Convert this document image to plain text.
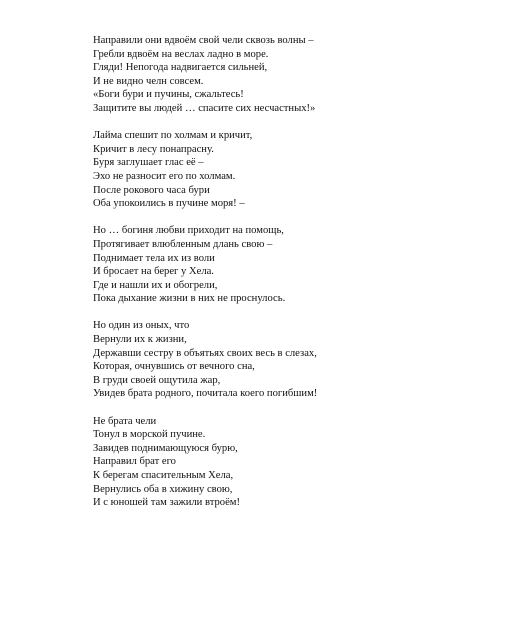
Направили они вдвоём свой чели сквозь волны –
Гребли вдвоём на веслах ладно в море.
Гляди! Непогода надвигается сильней,
И не видно челн совсем.
«Боги бури и пучины, сжальтесь!
Защитите вы людей … спасите сих несчастных!»
Лайма спешит по холмам и кричит,
Кричит в лесу понапрасну.
Буря заглушает глас её –
Эхо не разносит его по холмам.
После рокового часа бури
Оба упокоились в пучине моря! –
Но … богиня любви приходит на помощь,
Протягивает влюбленным длань свою –
Поднимает тела их из воли
И бросает на берег у Хела.
Где и нашли их и обогрели,
Пока дыхание жизни в них не проснулось.
Но один из оных, что
Вернули их к жизни,
Державши сестру в объятьях своих весь в слезах,
Которая, очнувшись от вечного сна,
В груди своей ощутила жар,
Увидев брата родного, почитала коего погибшим!
Не брата чели
Тонул в морской пучине.
Завидев поднимающуюся бурю,
Направил брат его
К берегам спасительным Хела,
Вернулись оба в хижину свою,
И с юношей там зажили втроём!
